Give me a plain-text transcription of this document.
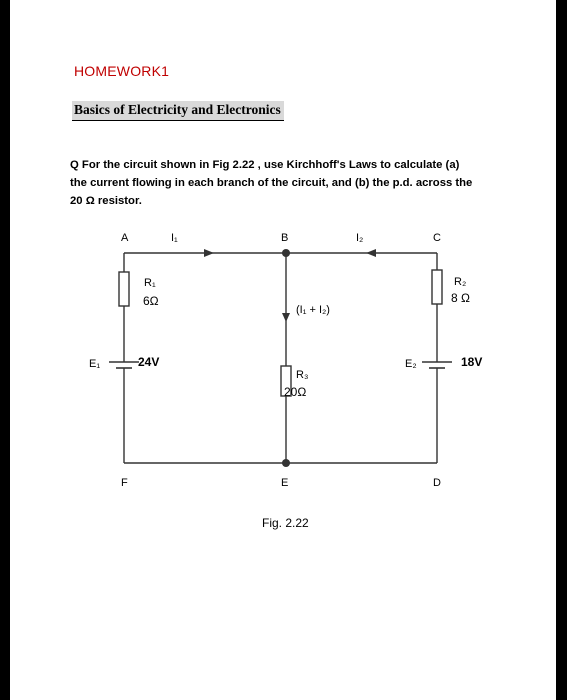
HOMEWORK1
Basics of Electricity and Electronics
Q For the circuit shown in Fig 2.22 , use Kirchhoff's Laws to calculate (a)
the current flowing in each branch of the circuit, and (b) the p.d. across the
20 Ω resistor.
A	B	C
D
E
F
I₁	I₂
(I₁ + I₂)
R₁
6Ω
R₂
8 Ω
R₃
20Ω
E₁	24V	E₂	18V
Fig. 2.22
